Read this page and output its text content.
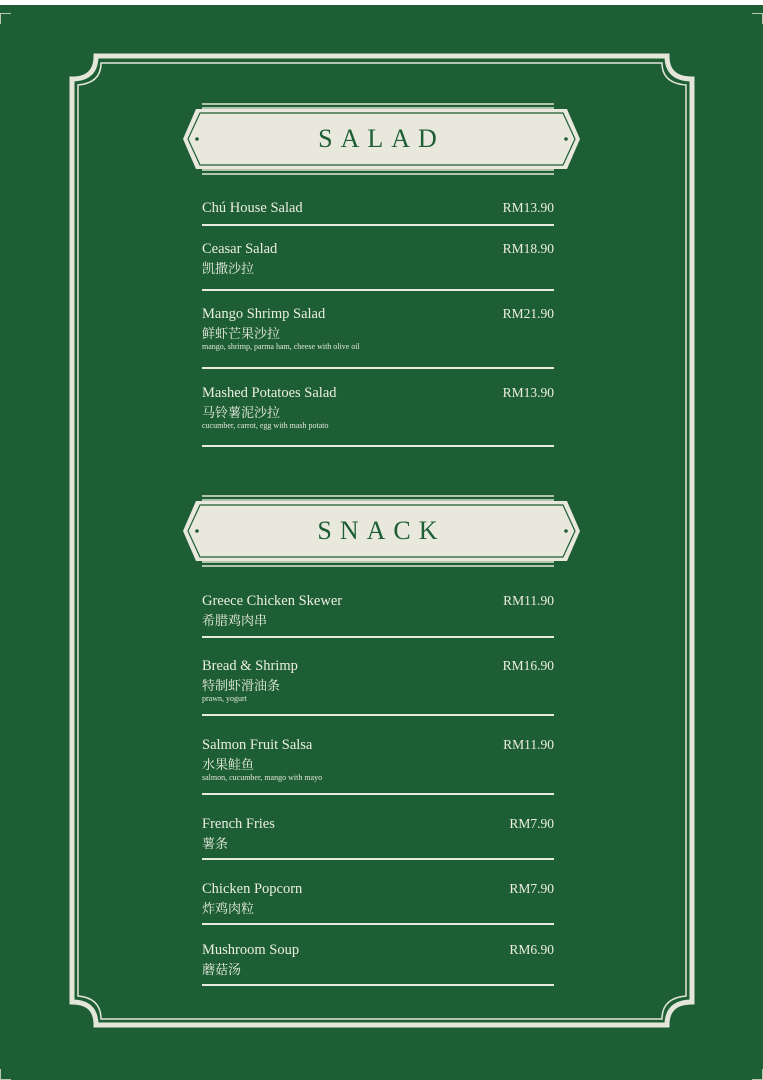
SALAD
Chú House Salad	RM13.90
Ceasar Salad
凯撒沙拉
RM18.90
Mango Shrimp Salad
鲜虾芒果沙拉
mango, shrimp, parma ham, cheese with olive oil
RM21.90
Mashed Potatoes Salad
马铃薯泥沙拉
cucumber, carrot, egg with mash potato
RM13.90
SNACK
Greece Chicken Skewer
希腊鸡肉串
RM11.90
Bread & Shrimp
特制虾滑油条
prawn, yogurt
RM16.90
Salmon Fruit Salsa
水果鲑鱼
salmon, cucumber, mango with mayo
RM11.90
French Fries
薯条
RM7.90
Chicken Popcorn
炸鸡肉粒
RM7.90
Mushroom Soup
蘑菇汤
RM6.90
